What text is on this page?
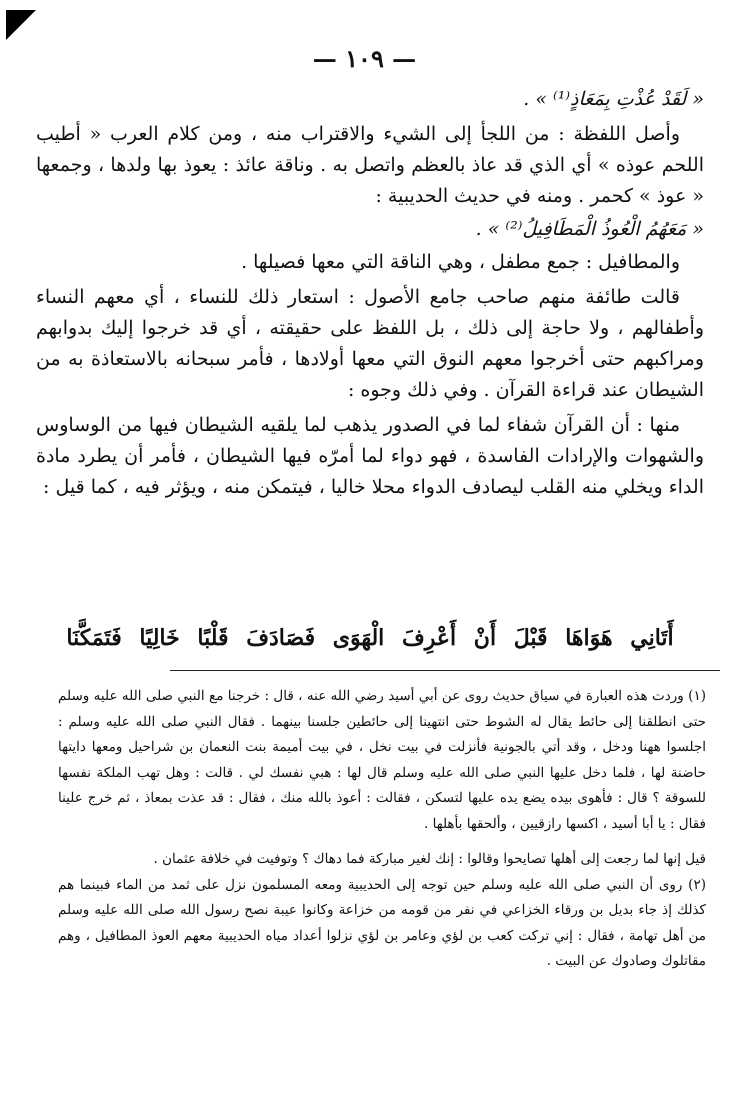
— ١٠٩ —

« لَقَدْ عُذْتِ بِمَعَاذٍ⁽¹⁾ » .

وأصل اللفظة : من اللجأ إلى الشيء والاقتراب منه ، ومن كلام العرب « أطيب اللحم عوذه » أي الذي قد عاذ بالعظم واتصل به . وناقة عائذ : يعوذ بها ولدها ، وجمعها « عوذ » كحمر . ومنه في حديث الحديبية :

« مَعَهُمُ الْعُوذُ الْمَطَافِيلُ⁽²⁾ » .

والمطافيل : جمع مطفل ، وهي الناقة التي معها فصيلها .

قالت طائفة منهم صاحب جامع الأصول : استعار ذلك للنساء ، أي معهم النساء وأطفالهم ، ولا حاجة إلى ذلك ، بل اللفظ على حقيقته ، أي قد خرجوا إليك بدوابهم ومراكبهم حتى أخرجوا معهم النوق التي معها أولادها ، فأمر سبحانه بالاستعاذة به من الشيطان عند قراءة القرآن . وفي ذلك وجوه :

منها : أن القرآن شفاء لما في الصدور يذهب لما يلقيه الشيطان فيها من الوساوس والشهوات والإرادات الفاسدة ، فهو دواء لما أمرّه فيها الشيطان ، فأمر أن يطرد مادة الداء ويخلي منه القلب ليصادف الدواء محلا خاليا ، فيتمكن منه ، ويؤثر فيه ، كما قيل :

أَتَانِي هَوَاهَا قَبْلَ أَنْ أَعْرِفَ الْهَوَى فَصَادَفَ قَلْبًا خَالِيًا فَتَمَكَّنَا

(١) وردت هذه العبارة في سياق حديث روى عن أبي أسيد رضي الله عنه ، قال : خرجنا مع النبي صلى الله عليه وسلم حتى انطلقنا إلى حائط يقال له الشوط حتى انتهينا إلى حائطين جلسنا بينهما . فقال النبي صلى الله عليه وسلم : اجلسوا ههنا ودخل ، وقد أتي بالجونية فأنزلت في بيت نخل ، في بيت أميمة بنت النعمان بن شراحيل ومعها دايتها حاضنة لها ، فلما دخل عليها النبي صلى الله عليه وسلم قال لها : هبي نفسك لي . قالت : وهل تهب الملكة نفسها للسوقة ؟ قال : فأهوى بيده يضع يده عليها لتسكن ، فقالت : أعوذ بالله منك ، فقال : قد عذت بمعاذ ، ثم خرج علينا فقال : يا أبا أسيد ، اكسها رازقيين ، وألحقها بأهلها .

قيل إنها لما رجعت إلى أهلها تصايحوا وقالوا : إنك لغير مباركة فما دهاك ؟ وتوفيت في خلافة عثمان .

(٢) روى أن النبي صلى الله عليه وسلم حين توجه إلى الحديبية ومعه المسلمون نزل على ثمد من الماء فبينما هم كذلك إذ جاء بديل بن ورقاء الخزاعي في نفر من قومه من خزاعة وكانوا عيبة نصح رسول الله صلى الله عليه وسلم من أهل تهامة ، فقال : إني تركت كعب بن لؤي وعامر بن لؤي نزلوا أعداد مياه الحديبية معهم العوذ المطافيل ، وهم مقاتلوك وصادوك عن البيت .
